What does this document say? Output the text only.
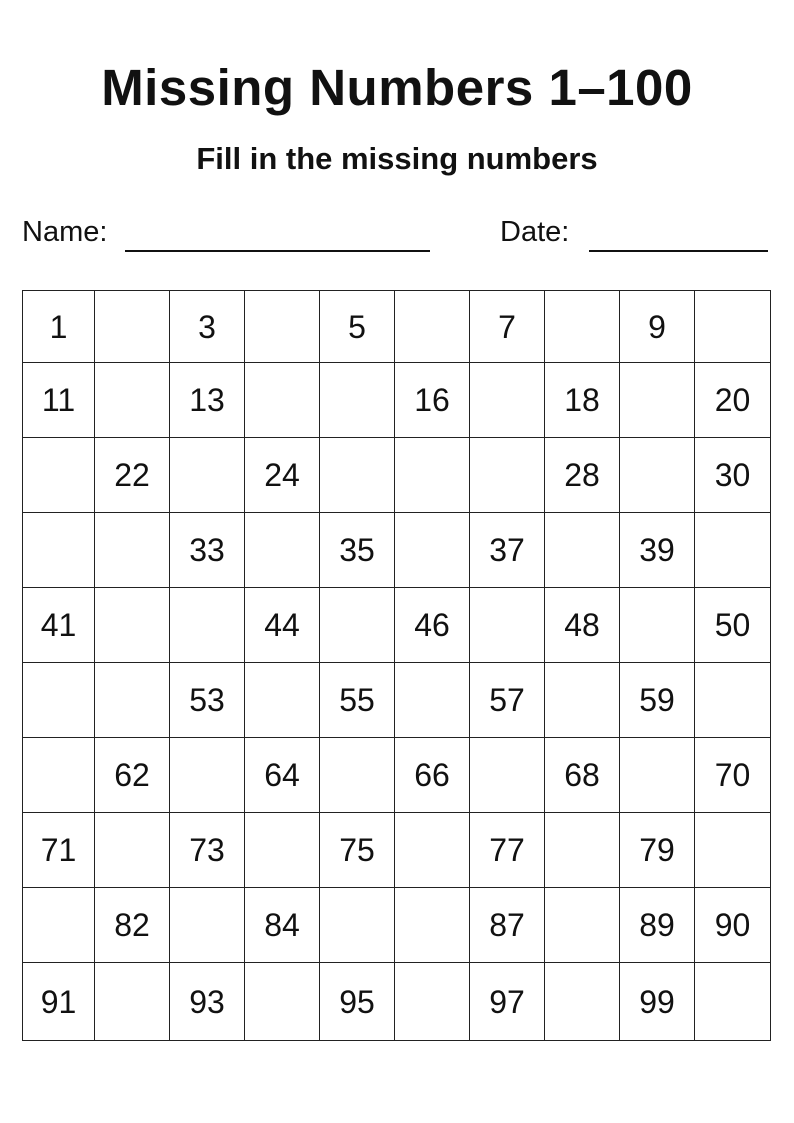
Missing Numbers 1–100
Fill in the missing numbers
Name:	Date:
1		3		5		7		9	
11		13			16		18		20
	22		24				28		30
		33		35		37		39	
41			44		46		48		50
		53		55		57		59	
	62		64		66		68		70
71		73		75		77		79	
	82		84			87		89	90
91		93		95		97		99	
